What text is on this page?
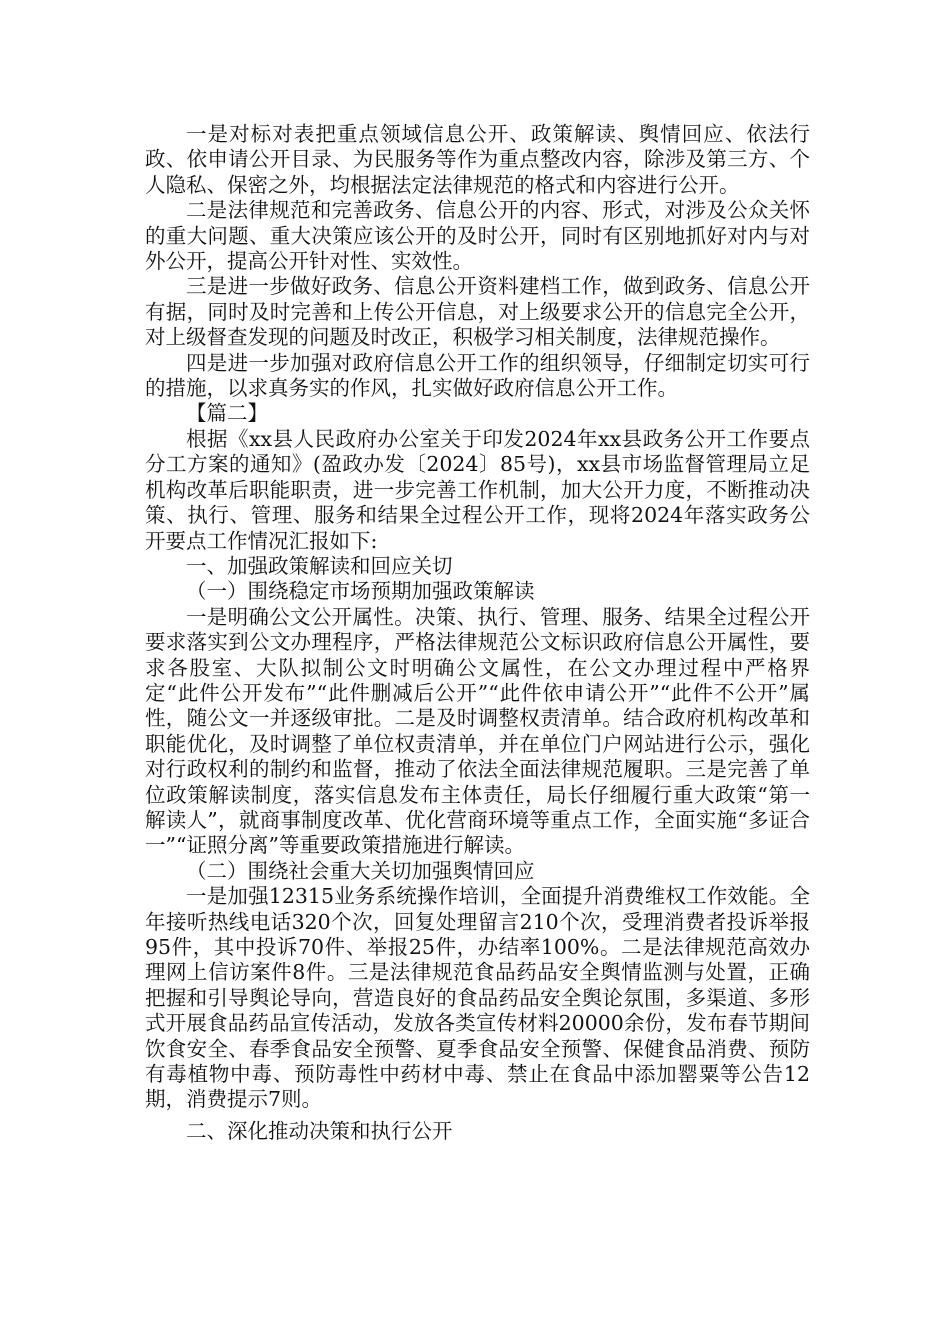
一是对标对表把重点领域信息公开、政策解读、舆情回应、依法行政、依申请公开目录、为民服务等作为重点整改内容，除涉及第三方、个人隐私、保密之外，均根据法定法律规范的格式和内容进行公开。

二是法律规范和完善政务、信息公开的内容、形式，对涉及公众关怀的重大问题、重大决策应该公开的及时公开，同时有区别地抓好对内与对外公开，提高公开针对性、实效性。

三是进一步做好政务、信息公开资料建档工作，做到政务、信息公开有据，同时及时完善和上传公开信息，对上级要求公开的信息完全公开，对上级督查发现的问题及时改正，积极学习相关制度，法律规范操作。

四是进一步加强对政府信息公开工作的组织领导，仔细制定切实可行的措施，以求真务实的作风，扎实做好政府信息公开工作。

【篇二】

根据《xx县人民政府办公室关于印发2024年xx县政务公开工作要点分工方案的通知》(盈政办发〔2024〕85号)，xx县市场监督管理局立足机构改革后职能职责，进一步完善工作机制，加大公开力度，不断推动决策、执行、管理、服务和结果全过程公开工作，现将2024年落实政务公开要点工作情况汇报如下:

一、加强政策解读和回应关切

（一）围绕稳定市场预期加强政策解读

一是明确公文公开属性。决策、执行、管理、服务、结果全过程公开要求落实到公文办理程序，严格法律规范公文标识政府信息公开属性，要求各股室、大队拟制公文时明确公文属性，在公文办理过程中严格界定“此件公开发布”“此件删减后公开”“此件依申请公开”“此件不公开”属性，随公文一并逐级审批。二是及时调整权责清单。结合政府机构改革和职能优化，及时调整了单位权责清单，并在单位门户网站进行公示，强化对行政权利的制约和监督，推动了依法全面法律规范履职。三是完善了单位政策解读制度，落实信息发布主体责任，局长仔细履行重大政策“第一解读人”，就商事制度改革、优化营商环境等重点工作，全面实施“多证合一”“证照分离”等重要政策措施进行解读。

（二）围绕社会重大关切加强舆情回应

一是加强12315业务系统操作培训，全面提升消费维权工作效能。全年接听热线电话320个次，回复处理留言210个次，受理消费者投诉举报95件，其中投诉70件、举报25件，办结率100%。二是法律规范高效办理网上信访案件8件。三是法律规范食品药品安全舆情监测与处置，正确把握和引导舆论导向，营造良好的食品药品安全舆论氛围，多渠道、多形式开展食品药品宣传活动，发放各类宣传材料20000余份，发布春节期间饮食安全、春季食品安全预警、夏季食品安全预警、保健食品消费、预防有毒植物中毒、预防毒性中药材中毒、禁止在食品中添加罂粟等公告12期，消费提示7则。

二、深化推动决策和执行公开
